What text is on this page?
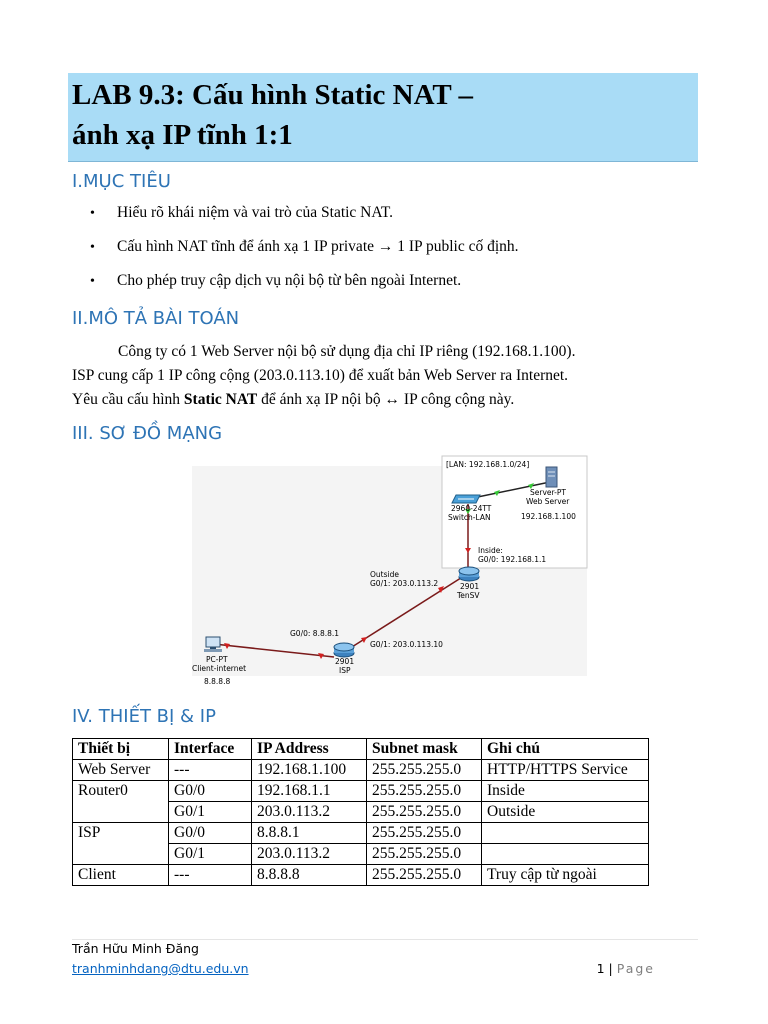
LAB 9.3: Cấu hình Static NAT –
ánh xạ IP tĩnh 1:1
I.MỤC TIÊU
• Hiểu rõ khái niệm và vai trò của Static NAT.
• Cấu hình NAT tĩnh để ánh xạ 1 IP private → 1 IP public cố định.
• Cho phép truy cập dịch vụ nội bộ từ bên ngoài Internet.
II.MÔ TẢ BÀI TOÁN
Công ty có 1 Web Server nội bộ sử dụng địa chỉ IP riêng (192.168.1.100).
ISP cung cấp 1 IP công cộng (203.0.113.10) để xuất bản Web Server ra Internet.
Yêu cầu cấu hình Static NAT để ánh xạ IP nội bộ ↔ IP công cộng này.
III. SƠ ĐỒ MẠNG
[LAN: 192.168.1.0/24]
Server-PT
Web Server
192.168.1.100
2960-24TT
Switch-LAN
Inside:
G0/0: 192.168.1.1
2901
TenSV
Outside
G0/1: 203.0.113.2
2901
ISP
G0/0: 8.8.8.1
G0/1: 203.0.113.10
PC-PT
Client-internet
8.8.8.8
IV. THIẾT BỊ & IP
Thiết bị	Interface	IP Address	Subnet mask	Ghi chú
Web Server	---	192.168.1.100	255.255.255.0	HTTP/HTTPS Service
Router0	G0/0	192.168.1.1	255.255.255.0	Inside
	G0/1	203.0.113.2	255.255.255.0	Outside
ISP	G0/0	8.8.8.1	255.255.255.0	
	G0/1	203.0.113.2	255.255.255.0	
Client	---	8.8.8.8	255.255.255.0	Truy cập từ ngoài
Trần Hữu Minh Đăng
tranhminhdang@dtu.edu.vn	1 | Page
